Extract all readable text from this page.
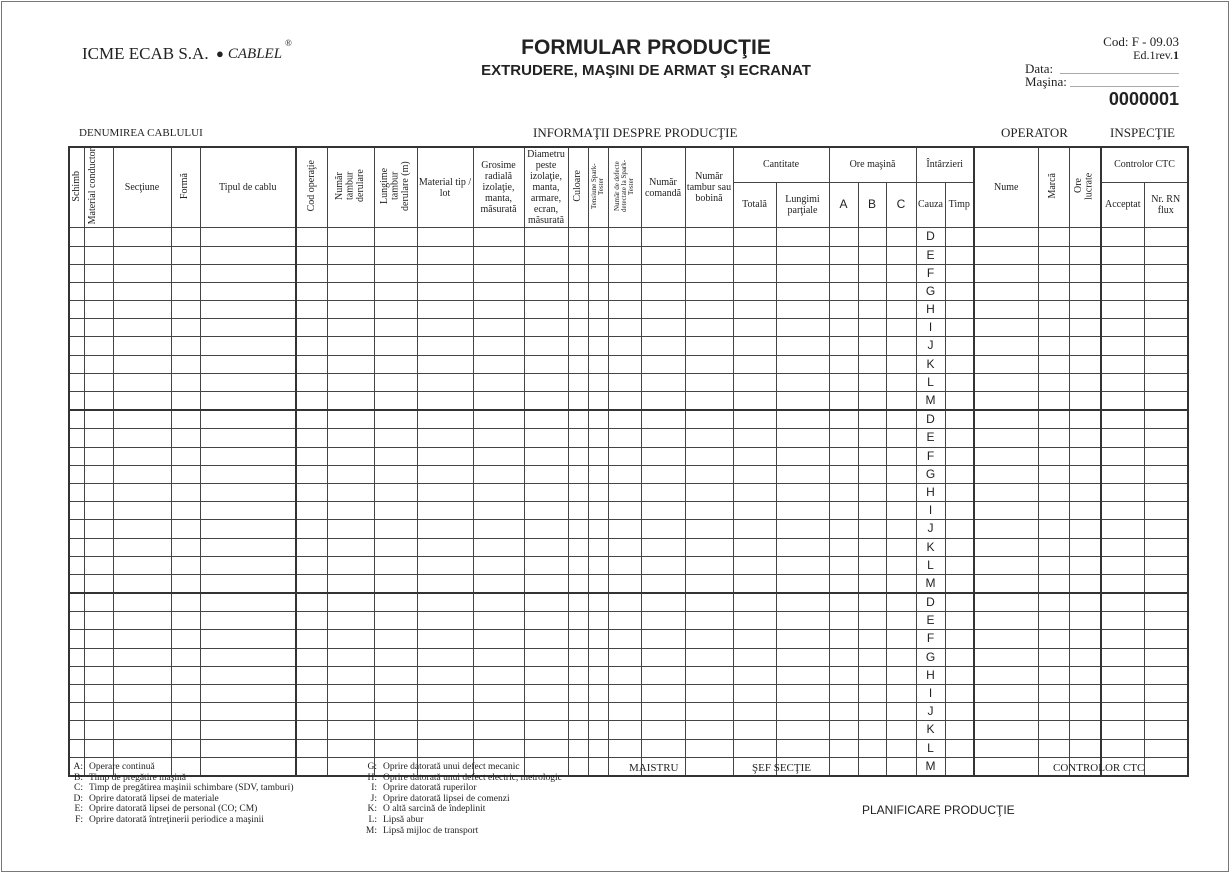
ICME ECAB S.A. ● CABLEL®	FORMULAR PRODUCŢIE
EXTRUDERE, MAŞINI DE ARMAT ŞI ECRANAT
Cod: F - 09.03
Ed.1rev.1
Data:
Maşina:
0000001
DENUMIREA CABLULUI	INFORMAŢII DESPRE PRODUCŢIE	OPERATOR	INSPECŢIE
Schimb	Material conductor	Secţiune	Formă	Tipul de cablu	Cod operaţie	Număr tambur derulare	Lungime tambur derulare (m)	Material tip / lot	Grosime radială izolaţie, manta, măsurată	Diametru peste izolaţie, manta, armare, ecran, măsurată	Culoare	Tensiune Spark-Tester	Număr de defecte detectate la Spark-Tester	Număr comandă	Număr tambur sau bobină	Cantitate		Ore maşină			Întârzieri		Nume	Marcă	Ore lucrate	Controlor CTC	
																Totală	Lungimi parţiale	A	B	C	Cauza	Timp				Acceptat	Nr. RN flux
																					D						
																					E						
																					F						
																					G						
																					H						
																					I						
																					J						
																					K						
																					L						
																					M						
																					D						
																					E						
																					F						
																					G						
																					H						
																					I						
																					J						
																					K						
																					L						
																					M						
																					D						
																					E						
																					F						
																					G						
																					H						
																					I						
																					J						
																					K						
																					L						
																					M						
A: Operare continuă
B: Timp de pregătire maşină
C: Timp de pregătirea maşinii schimbare (SDV, tamburi)
D: Oprire datorată lipsei de materiale
E: Oprire datorată lipsei de personal (CO; CM)
F: Oprire datorată întreţinerii periodice a maşinii
G: Oprire datorată unui defect mecanic
H: Oprire datorată unui defect electric, metrologic
I: Oprire datorată ruperilor
J: Oprire datorată lipsei de comenzi
K: O altă sarcină de îndeplinit
L: Lipsă abur
M: Lipsă mijloc de transport
MAISTRU	ŞEF SECŢIE	CONTROLOR CTC
PLANIFICARE PRODUCŢIE
